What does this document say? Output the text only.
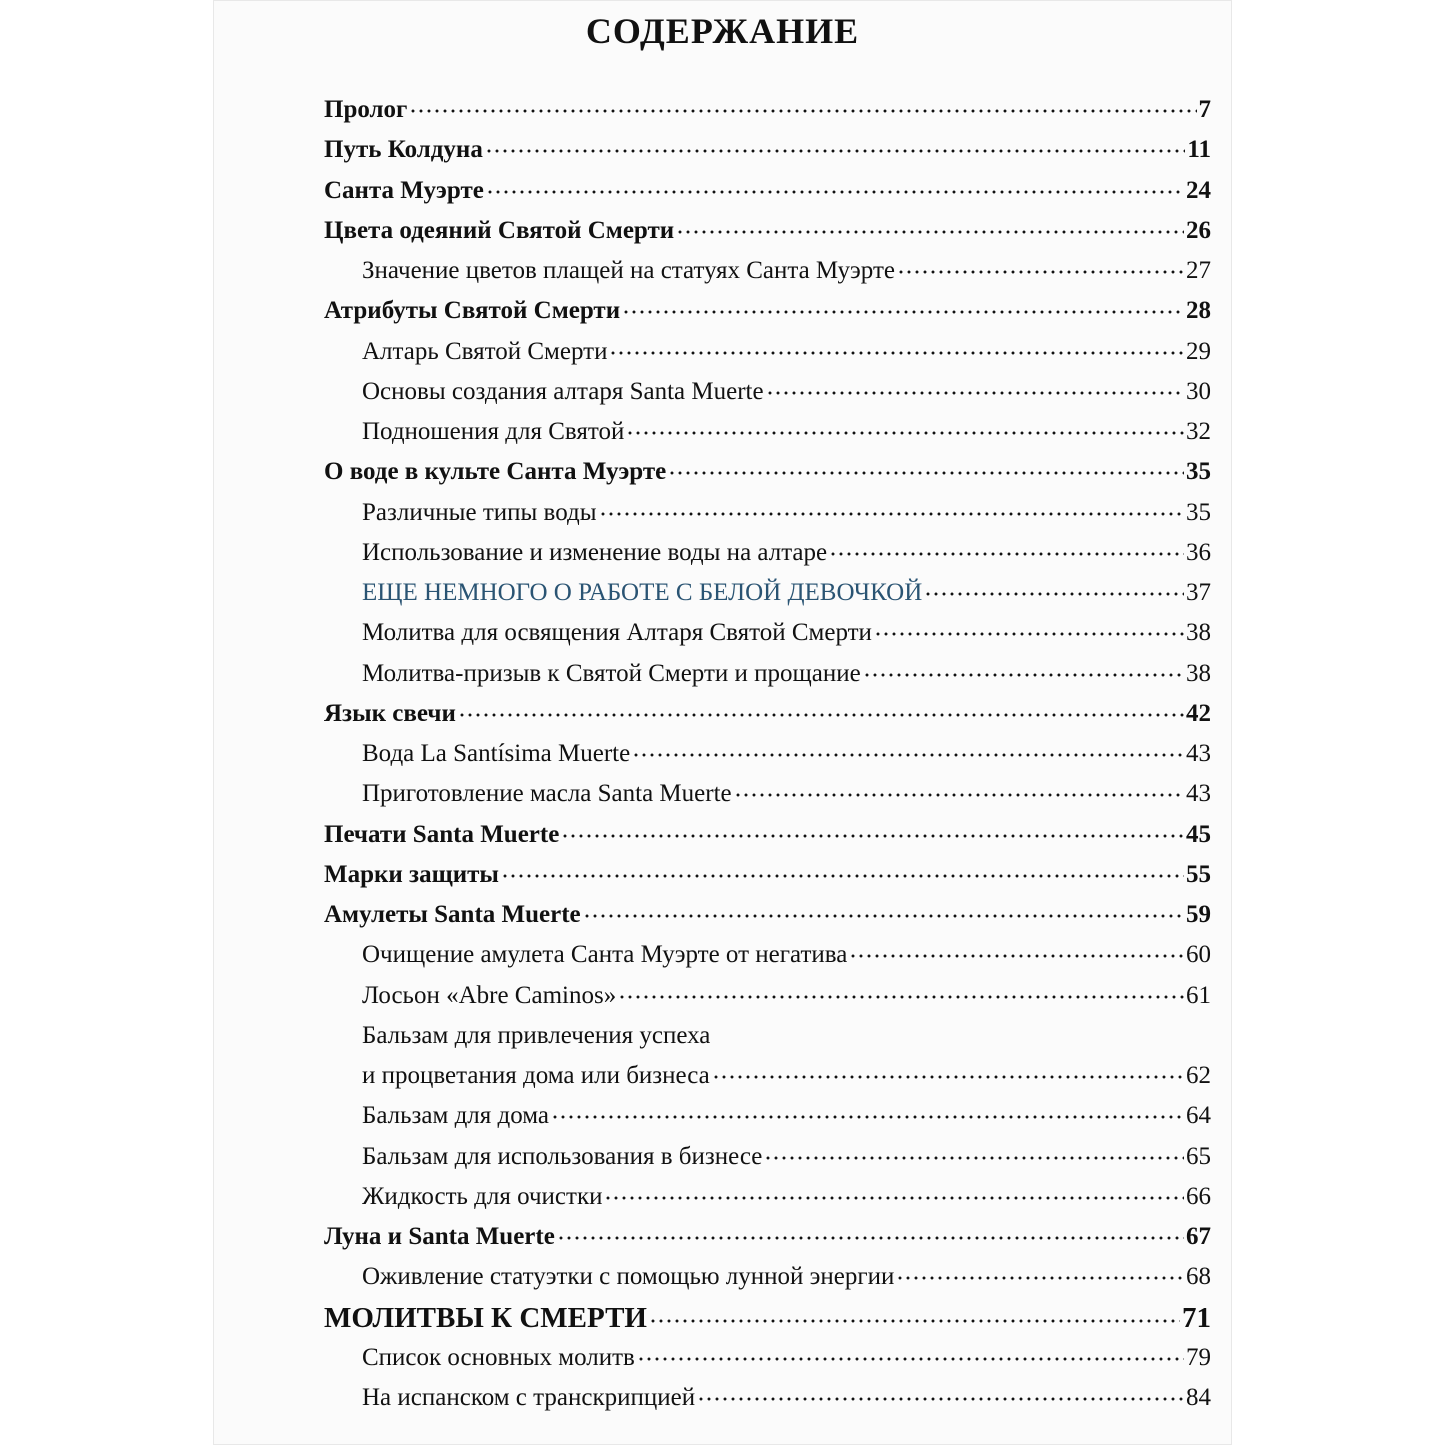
СОДЕРЖАНИЕ
Пролог	7
Путь Колдуна	11
Санта Муэрте	24
Цвета одеяний Святой Смерти	26
Значение цветов плащей на статуях Санта Муэрте	27
Атрибуты Святой Смерти	28
Алтарь Святой Смерти	29
Основы создания алтаря Santa Muerte	30
Подношения для Святой	32
О воде в культе Санта Муэрте	35
Различные типы воды	35
Использование и изменение воды на алтаре	36
ЕЩЕ НЕМНОГО О РАБОТЕ С БЕЛОЙ ДЕВОЧКОЙ	37
Молитва для освящения Алтаря Святой Смерти	38
Молитва-призыв к Святой Смерти и прощание	38
Язык свечи	42
Вода La Santísima Muerte	43
Приготовление масла Santa Muerte	43
Печати Santa Muerte	45
Марки защиты	55
Амулеты Santa Muerte	59
Очищение амулета Санта Муэрте от негатива	60
Лосьон «Abre Caminos»	61
Бальзам для привлечения успеха
и процветания дома или бизнеса	62
Бальзам для дома	64
Бальзам для использования в бизнесе	65
Жидкость для очистки	66
Луна и Santa Muerte	67
Оживление статуэтки с помощью лунной энергии	68
МОЛИТВЫ К СМЕРТИ	71
Список основных молитв	79
На испанском с транскрипцией	84
